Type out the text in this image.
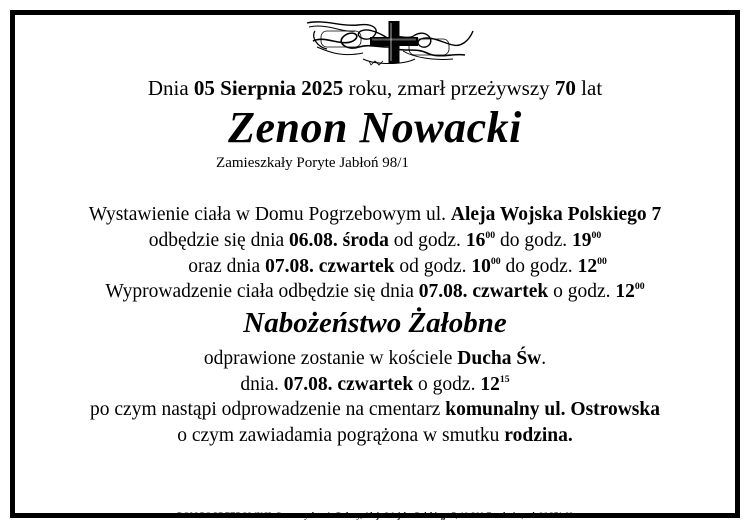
Dnia 05 Sierpnia 2025 roku, zmarł przeżywszy 70 lat
Zenon Nowacki
Zamieszkały Poryte Jabłoń 98/1
Wystawienie ciała w Domu Pogrzebowym ul. Aleja Wojska Polskiego 7
odbędzie się dnia 06.08. środa od godz. $16^{00}$ do godz. $19^{00}$
oraz dnia 07.08. czwartek od godz. $10^{00}$ do godz. $12^{00}$
Wyprowadzenie ciała odbędzie się dnia 07.08. czwartek o godz. $12^{00}$
Nabożeństwo Żałobne
odprawione zostanie w kościele Ducha Św.
dnia. 07.08. czwartek o godz. $12^{15}$
po czym nastąpi odprowadzenie na cmentarz komunalny ul. Ostrowska
o czym zawiadamia pogrążona w smutku rodzina.
DOM POGRZEBOWY H. Czartoryska -A. Bałazy, Aleja Wojska Polskiego 7, 18-300 Zambrów, tel. 86 271 69
